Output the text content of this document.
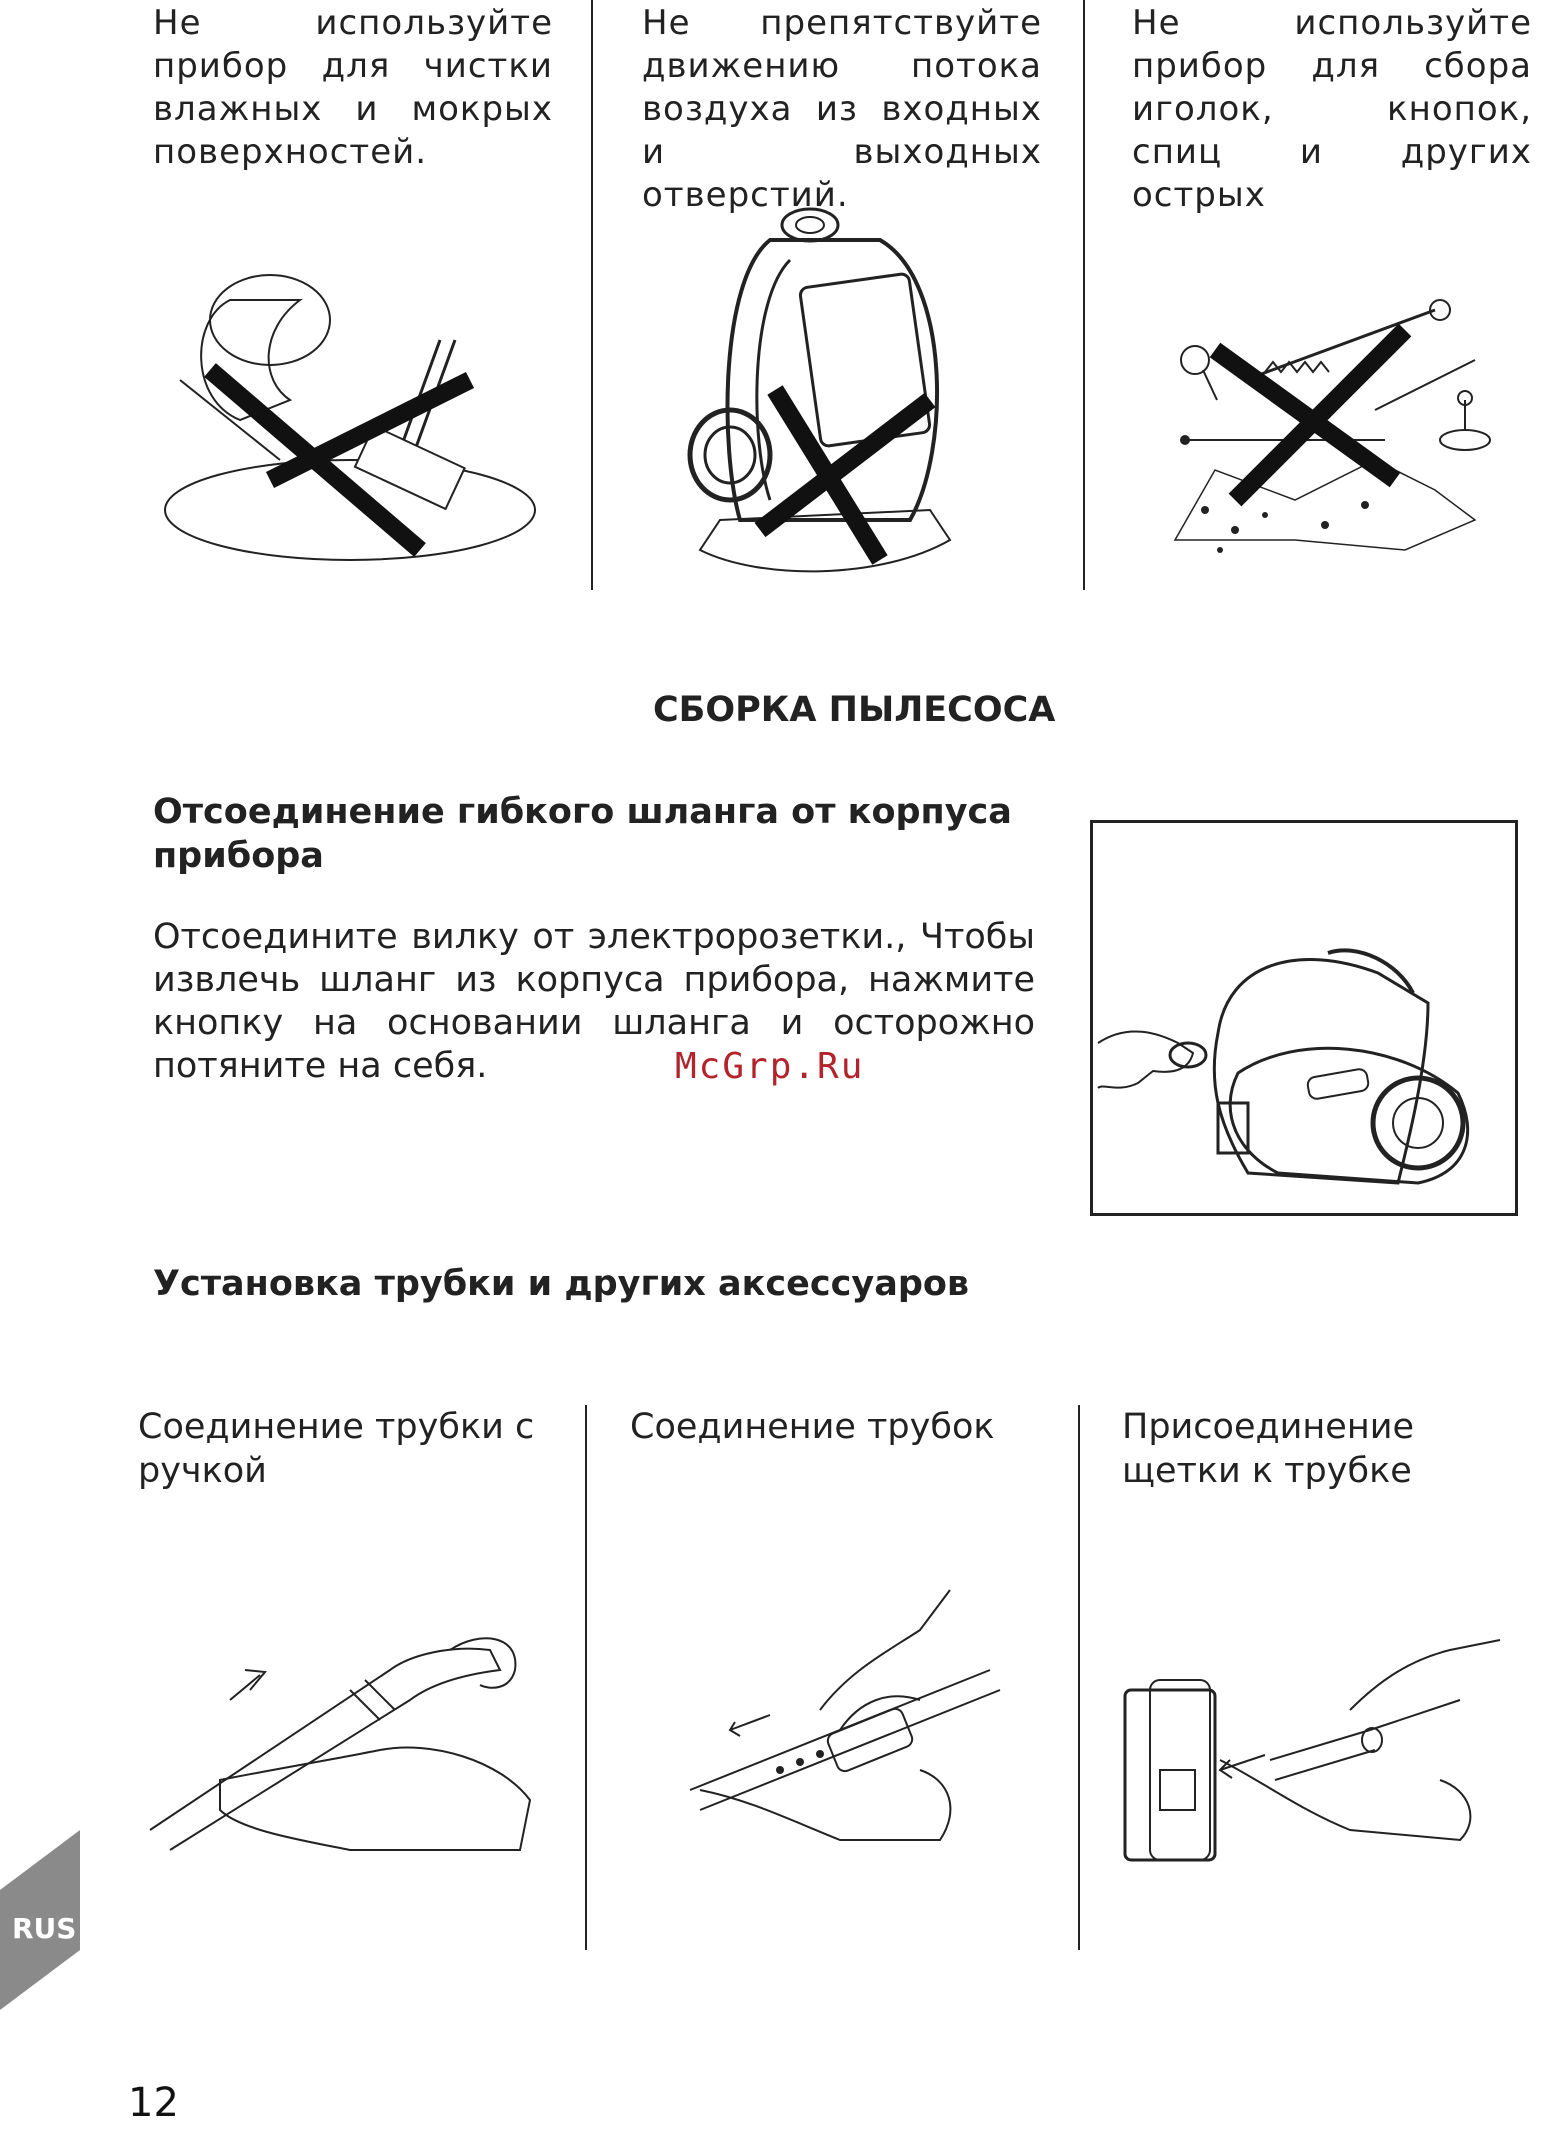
Не используйте прибор для чистки влажных и мокрых поверхностей.
Не препятствуйте движению потока воздуха из входных и выходных отверстий.
Не используйте прибор для сбора иголок, кнопок, спиц и других острых
СБОРКА ПЫЛЕСОСА
Отсоединение гибкого шланга от корпуса прибора
Отсоедините вилку от электророзетки., Чтобы извлечь шланг из корпуса прибора, нажмите кнопку на основании шланга и осторожно потяните на себя.	McGrp.Ru
Установка трубки и других аксессуаров
Соединение трубки с ручкой
Соединение трубок	Присоединение щетки к трубке
RUS
12
